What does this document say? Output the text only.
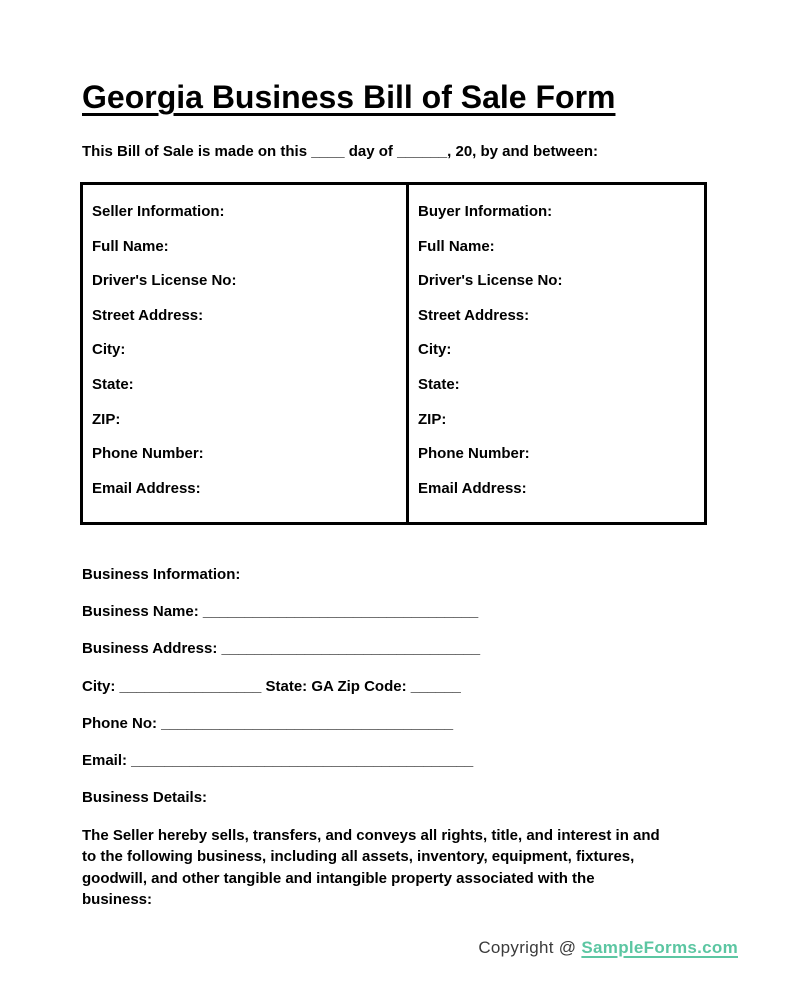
Georgia Business Bill of Sale Form
This Bill of Sale is made on this ____ day of ______, 20, by and between:
Seller Information:
Full Name:
Driver's License No:
Street Address:
City:
State:
ZIP:
Phone Number:
Email Address:
Buyer Information:
Full Name:
Driver's License No:
Street Address:
City:
State:
ZIP:
Phone Number:
Email Address:
Business Information:
Business Name: _________________________________
Business Address: _______________________________
City: _________________ State: GA Zip Code: ______
Phone No: ___________________________________
Email: _________________________________________
Business Details:
The Seller hereby sells, transfers, and conveys all rights, title, and interest in and
to the following business, including all assets, inventory, equipment, fixtures,
goodwill, and other tangible and intangible property associated with the
business:
Copyright @ SampleForms.com
